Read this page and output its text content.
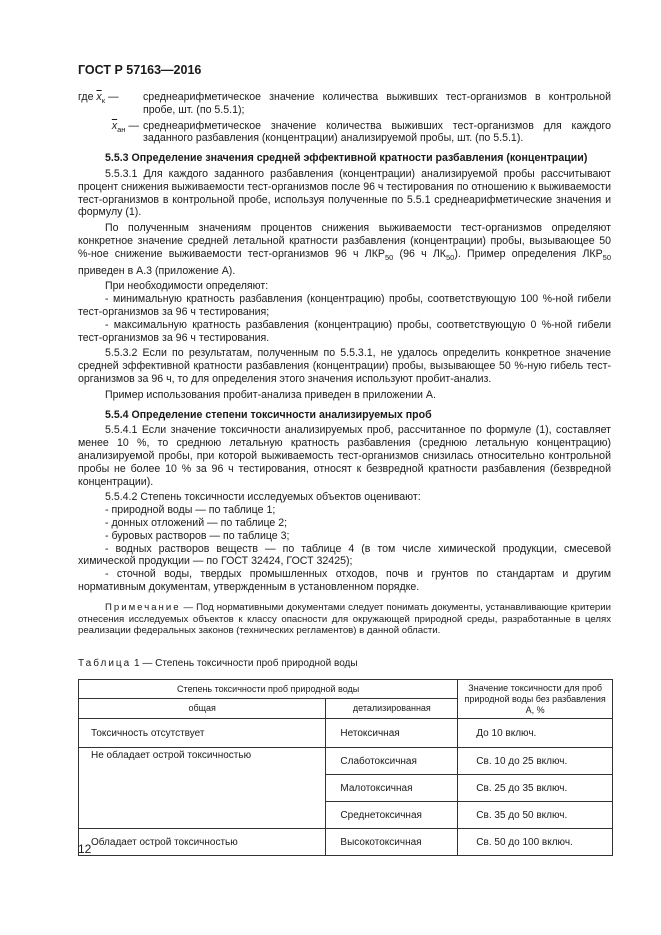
ГОСТ Р 57163—2016
где $\overline{x}_к$ —	среднеарифметическое значение количества выживших тест-организмов в контрольной пробе, шт. (по 5.5.1);
$\overline{x}_{ан}$ — среднеарифметическое значение количества выживших тест-организмов для каждого заданного разбавления (концентрации) анализируемой пробы, шт. (по 5.5.1).

5.5.3 Определение значения средней эффективной кратности разбавления (концентрации)

5.5.3.1 Для каждого заданного разбавления (концентрации) анализируемой пробы рассчитывают процент снижения выживаемости тест-организмов после 96 ч тестирования по отношению к выживаемости тест-организмов в контрольной пробе, используя полученные по 5.5.1 среднеарифметические значения и формулу (1).

По полученным значениям процентов снижения выживаемости тест-организмов определяют конкретное значение средней летальной кратности разбавления (концентрации) пробы, вызывающее 50 %-ное снижение выживаемости тест-организмов 96 ч $ЛКР_{50}$ (96 ч $ЛК_{50}$). Пример определения $ЛКР_{50}$ приведен в А.3 (приложение А).

При необходимости определяют:

- минимальную кратность разбавления (концентрацию) пробы, соответствующую 100 %-ной гибели тест-организмов за 96 ч тестирования;

- максимальную кратность разбавления (концентрацию) пробы, соответствующую 0 %-ной гибели тест-организмов за 96 ч тестирования.

5.5.3.2 Если по результатам, полученным по 5.5.3.1, не удалось определить конкретное значение средней эффективной кратности разбавления (концентрации) пробы, вызывающее 50 %-ную гибель тест-организмов за 96 ч, то для определения этого значения используют пробит-анализ.

Пример использования пробит-анализа приведен в приложении А.

5.5.4 Определение степени токсичности анализируемых проб

5.5.4.1 Если значение токсичности анализируемых проб, рассчитанное по формуле (1), составляет менее 10 %, то среднюю летальную кратность разбавления (среднюю летальную концентрацию) анализируемой пробы, при которой выживаемость тест-организмов снизилась относительно контрольной пробы не более 10 % за 96 ч тестирования, относят к безвредной кратности разбавления (безвредной концентрации).

5.5.4.2 Степень токсичности исследуемых объектов оценивают:

- природной воды — по таблице 1;

- донных отложений — по таблице 2;

- буровых растворов — по таблице 3;

- водных растворов веществ — по таблице 4 (в том числе химической продукции, смесевой химической продукции — по ГОСТ 32424, ГОСТ 32425);

- сточной воды, твердых промышленных отходов, почв и грунтов по стандартам и другим нормативным документам, утвержденным в установленном порядке.

Примечание — Под нормативными документами следует понимать документы, устанавливающие критерии отнесения исследуемых объектов к классу опасности для окружающей природной среды, разработанные в целях реализации федеральных законов (технических регламентов) в данной области.

Таблица 1 — Степень токсичности проб природной воды
Степень токсичности проб природной воды		Значение токсичности для проб природной воды без разбавления А, %
общая	детализированная	
Токсичность отсутствует	Нетоксичная	До 10 включ.
Не обладает острой токсичностью	Слаботоксичная	Св. 10 до 25 включ.
	Малотоксичная	Св. 25 до 35 включ.
	Среднетоксичная	Св. 35 до 50 включ.
Обладает острой токсичностью	Высокотоксичная	Св. 50 до 100 включ.
12
